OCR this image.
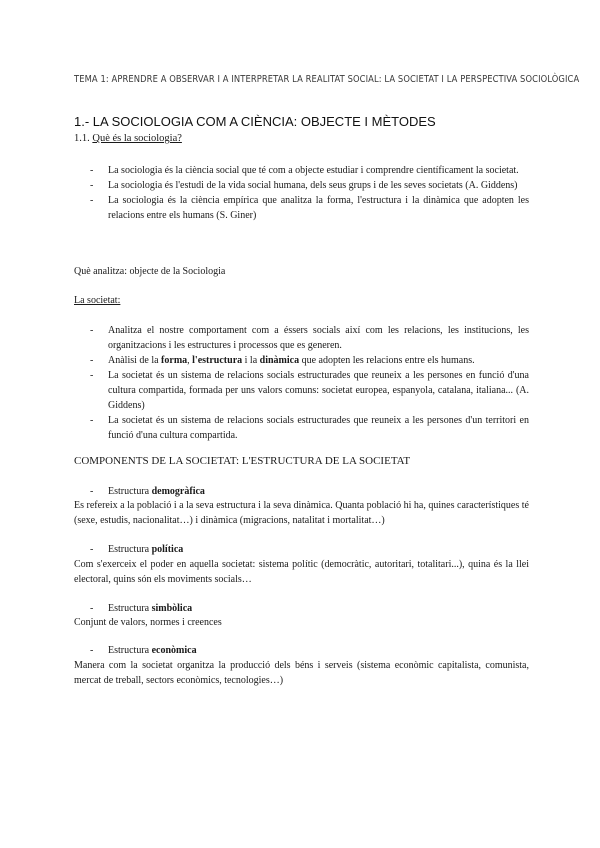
TEMA 1: APRENDRE A OBSERVAR I A INTERPRETAR LA REALITAT SOCIAL: LA SOCIETAT I LA PERSPECTIVA SOCIOLÒGICA
1.- LA SOCIOLOGIA COM A CIÈNCIA: OBJECTE I MÈTODES
1.1. Què és la sociologia?
- La sociologia és la ciència social que té com a objecte estudiar i comprendre científicament la societat.
- La sociologia és l'estudi de la vida social humana, dels seus grups i de les seves societats (A. Giddens)
- La sociologia és la ciència empírica que analitza la forma, l'estructura i la dinàmica que adopten les relacions entre els humans (S. Giner)
Què analitza: objecte de la Sociologia
La societat:
- Analitza el nostre comportament com a éssers socials així com les relacions, les institucions, les organitzacions i les estructures i processos que es generen.
- Anàlisi de la forma, l'estructura i la dinàmica que adopten les relacions entre els humans.
- La societat és un sistema de relacions socials estructurades que reuneix a les persones en funció d'una cultura compartida, formada per uns valors comuns: societat europea, espanyola, catalana, italiana... (A. Giddens)
- La societat és un sistema de relacions socials estructurades que reuneix a les persones d'un territori en funció d'una cultura compartida.
COMPONENTS DE LA SOCIETAT: L'ESTRUCTURA DE LA SOCIETAT
- Estructura demogràfica
Es refereix a la població i a la seva estructura i la seva dinàmica. Quanta població hi ha, quines característiques té (sexe, estudis, nacionalitat…) i dinàmica (migracions, natalitat i mortalitat…)
- Estructura política
Com s'exerceix el poder en aquella societat: sistema polític (democràtic, autoritari, totalitari...), quina és la llei electoral, quins són els moviments socials…
- Estructura simbòlica
Conjunt de valors, normes i creences
- Estructura econòmica
Manera com la societat organitza la producció dels béns i serveis (sistema econòmic capitalista, comunista, mercat de treball, sectors econòmics, tecnologies…)
